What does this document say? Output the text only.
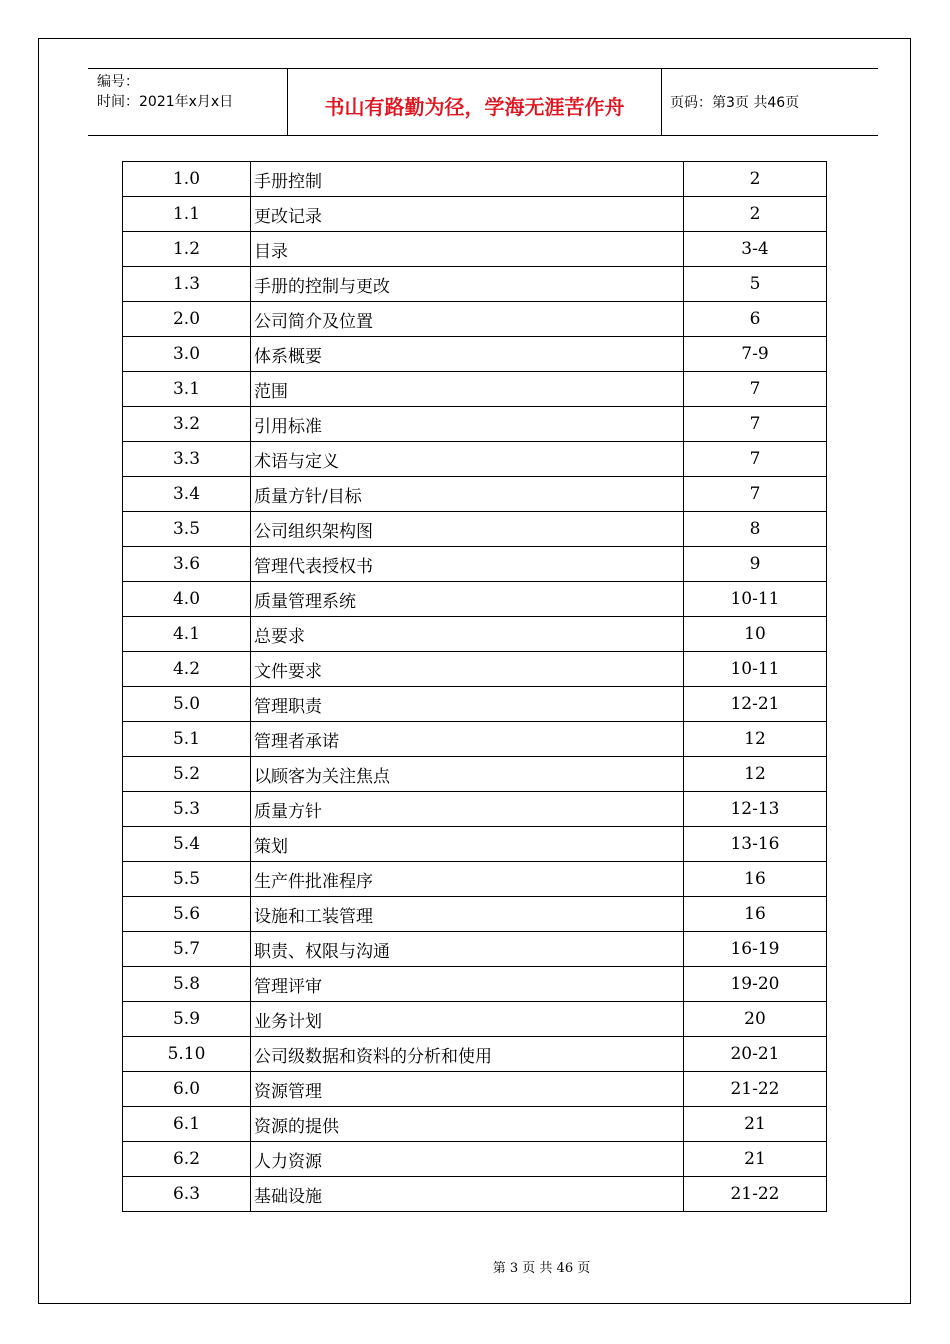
编号：
时间：2021年x月x日	书山有路勤为径，学海无涯苦作舟	页码：第3页 共46页
1.0	手册控制	2
1.1	更改记录	2
1.2	目录	3-4
1.3	手册的控制与更改	5
2.0	公司简介及位置	6
3.0	体系概要	7-9
3.1	范围	7
3.2	引用标准	7
3.3	术语与定义	7
3.4	质量方针/目标	7
3.5	公司组织架构图	8
3.6	管理代表授权书	9
4.0	质量管理系统	10-11
4.1	总要求	10
4.2	文件要求	10-11
5.0	管理职责	12-21
5.1	管理者承诺	12
5.2	以顾客为关注焦点	12
5.3	质量方针	12-13
5.4	策划	13-16
5.5	生产件批准程序	16
5.6	设施和工装管理	16
5.7	职责、权限与沟通	16-19
5.8	管理评审	19-20
5.9	业务计划	20
5.10	公司级数据和资料的分析和使用	20-21
6.0	资源管理	21-22
6.1	资源的提供	21
6.2	人力资源	21
6.3	基础设施	21-22
第 3 页 共 46 页
